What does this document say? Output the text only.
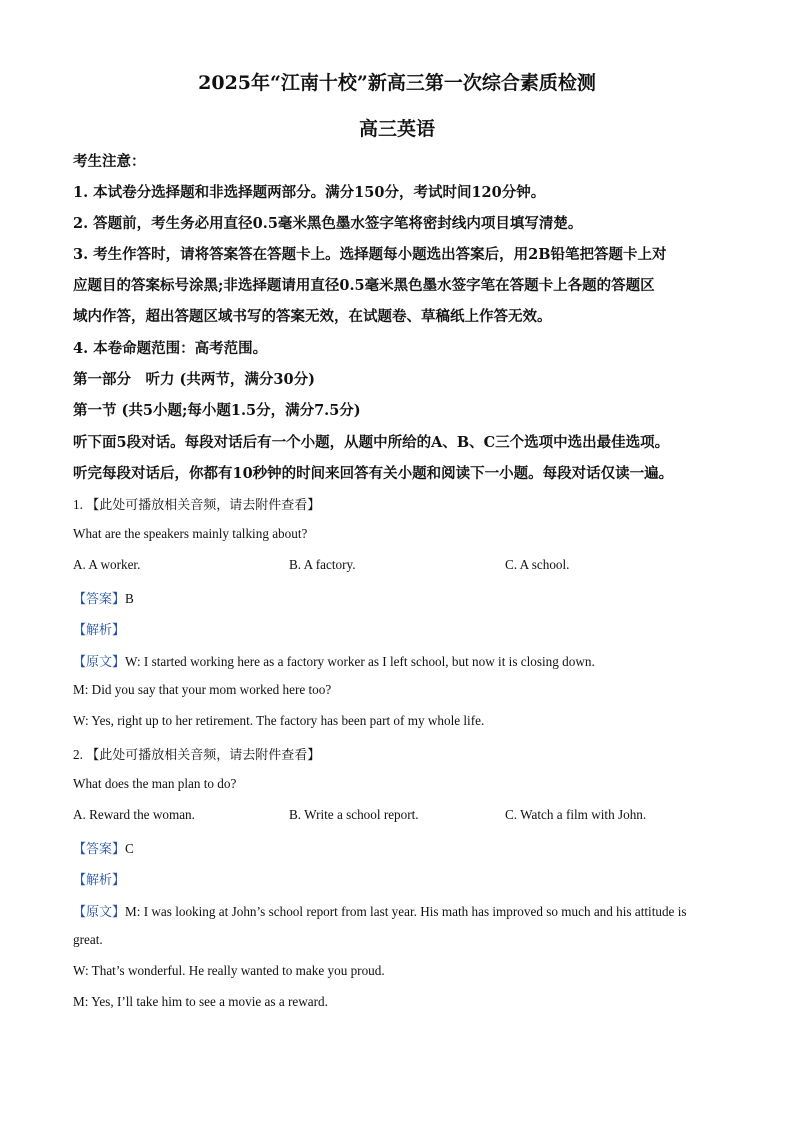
2025年“江南十校”新高三第一次综合素质检测
高三英语

考生注意：

1. 本试卷分选择题和非选择题两部分。满分150分，考试时间120分钟。

2. 答题前，考生务必用直径0.5毫米黑色墨水签字笔将密封线内项目填写清楚。

3. 考生作答时，请将答案答在答题卡上。选择题每小题选出答案后，用2B铅笔把答题卡上对

应题目的答案标号涂黑;非选择题请用直径0.5毫米黑色墨水签字笔在答题卡上各题的答题区

域内作答，超出答题区域书写的答案无效，在试题卷、草稿纸上作答无效。

4. 本卷命题范围：高考范围。

第一部分　听力 (共两节，满分30分)

第一节 (共5小题;每小题1.5分，满分7.5分)

听下面5段对话。每段对话后有一个小题，从题中所给的A、B、C三个选项中选出最佳选项。

听完每段对话后，你都有10秒钟的时间来回答有关小题和阅读下一小题。每段对话仅读一遍。

1. 【此处可播放相关音频，请去附件查看】

What are the speakers mainly talking about?

A. A worker.	B. A factory.	C. A school.

【答案】B

【解析】

【原文】W: I started working here as a factory worker as I left school, but now it is closing down.

M: Did you say that your mom worked here too?

W: Yes, right up to her retirement. The factory has been part of my whole life.

2. 【此处可播放相关音频，请去附件查看】

What does the man plan to do?

A. Reward the woman.	B. Write a school report.	C. Watch a film with John.

【答案】C

【解析】

【原文】M: I was looking at John’s school report from last year. His math has improved so much and his attitude is

great.

W: That’s wonderful. He really wanted to make you proud.

M: Yes, I’ll take him to see a movie as a reward.
